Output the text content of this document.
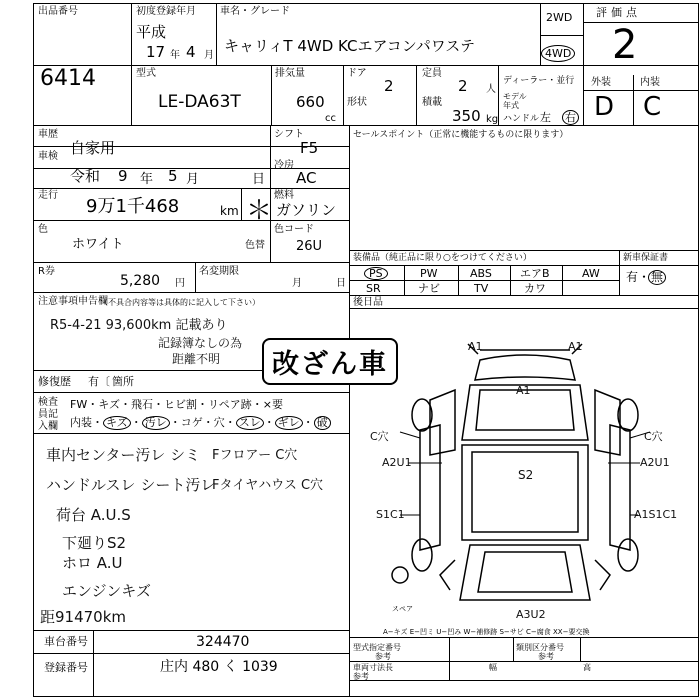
出品番号
6414
初度登録年月
平成
17 年 4 月
車名・グレード
キャリィT 4WD KCエアコンパワステ
2WD
4WD
評価点
2
外装	内装
D C
型式
LE-DA63T
排気量
660
cc
ドア
2
定員
2 人
形状	積載
350 kg
ディーラー・並行
モデル 年式
ハンドル 左 右
車歴
自家用
シフト
F5
車検
令和 9 年 5 月	日
冷房
AC
走行
9万1千468	km ＊
燃料
ガソリン
色
ホワイト	色替
色コード
26U
R券
5,280 円
名変期限
月	日
注意事項申告欄
（不具合内容等は具体的に記入して下さい）
R5-4-21 93,600km 記載あり
記録簿なしの為
距離不明	改ざん車
修復歴 有〔 箇所
検査員記入欄
FW・キズ・飛石・ヒビ割・リペア跡・×要
内装・ キズ ・ 汚レ ・コゲ・穴・ スレ ・ ギレ ・ 破
車内センター汚レ シミ
ハンドルスレ シート汚レ
荷台 A.U.S
下廻りS2
ホロ A.U
エンジンキズ
距91470km
Fフロアー C穴
Fタイヤハウス C穴
車台番号	324470
登録番号	庄内 480 く 1039
セールスポイント（正常に機能するものに限ります）
装備品（純正品に限り○をつけてください）	新車保証書
PS	PW	ABS	エアB	AW
SR	ナビ	TV	カワ
有 ・ 無
後日品
A1	A1
A1
C穴	C穴
A2U1	A2U1
S2
S1C1	A1S1C1
A3U2
スペア
A−キズ E−凹ミ U−凹み W−補修跡 S−サビ C−腐食 XX−要交換
型式指定番号
参考
類別区分番号
参考
車両寸法長	幅	高
参考
